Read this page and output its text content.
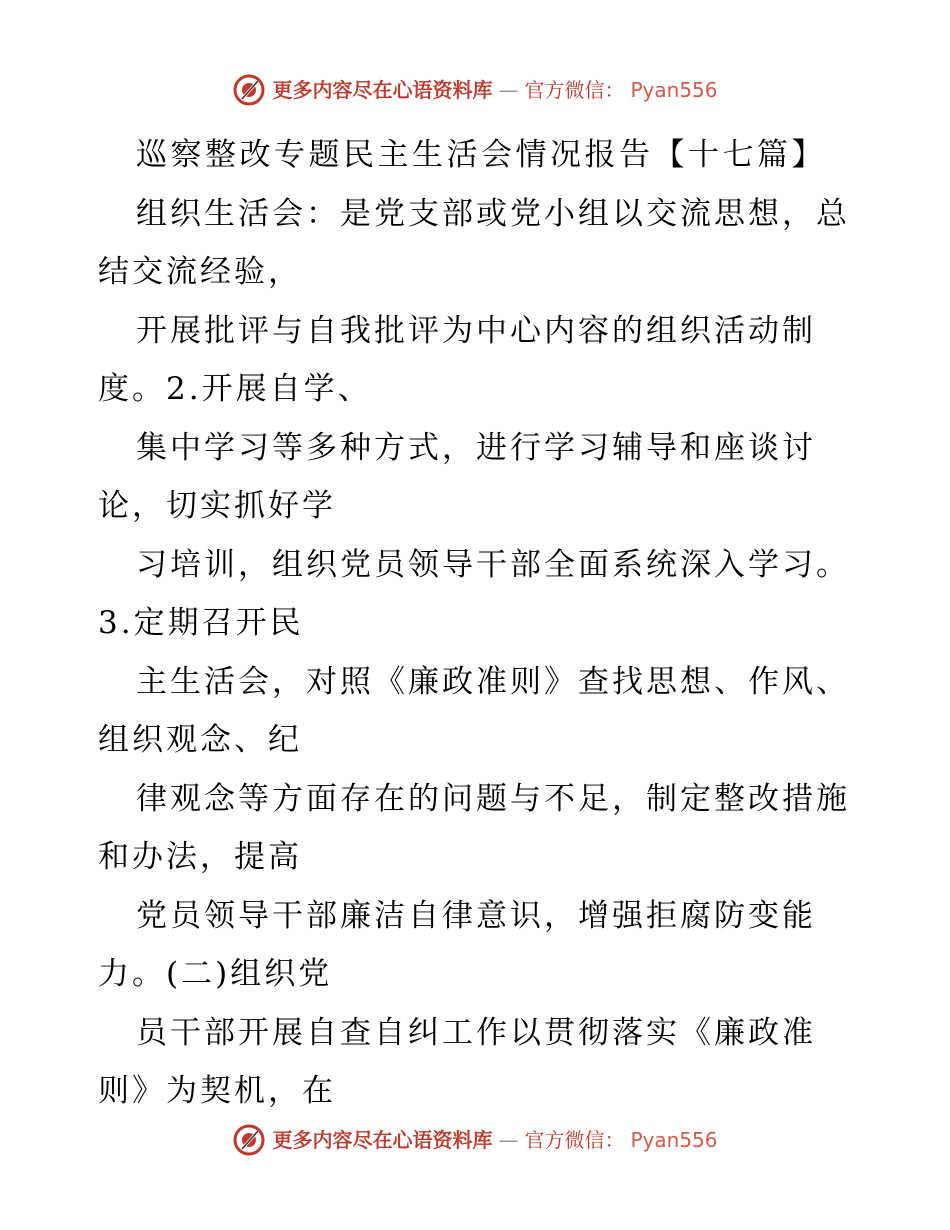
更多内容尽在心语资料库 — 官方微信： Pyan556
巡察整改专题民主生活会情况报告【十七篇】
组织生活会：是党支部或党小组以交流思想，总
结交流经验，
开展批评与自我批评为中心内容的组织活动制
度。2.开展自学、
集中学习等多种方式，进行学习辅导和座谈讨
论，切实抓好学
习培训，组织党员领导干部全面系统深入学习。
3.定期召开民
主生活会，对照《廉政准则》查找思想、作风、
组织观念、纪
律观念等方面存在的问题与不足，制定整改措施
和办法，提高
党员领导干部廉洁自律意识，增强拒腐防变能
力。(二)组织党
员干部开展自查自纠工作以贯彻落实《廉政准
则》为契机，在
更多内容尽在心语资料库 — 官方微信： Pyan556
